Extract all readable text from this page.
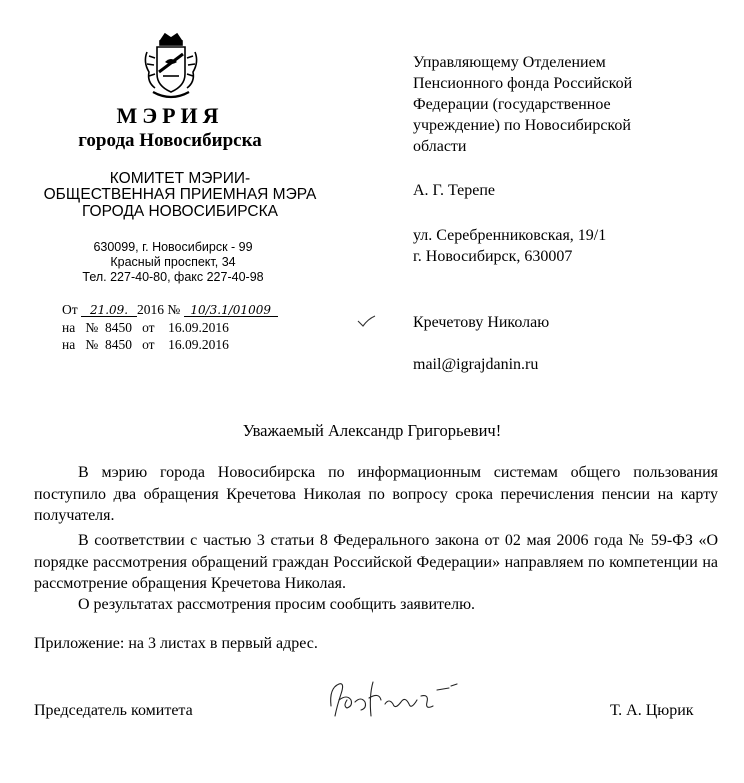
МЭРИЯ
города Новосибирска
КОМИТЕТ МЭРИИ-
ОБЩЕСТВЕННАЯ ПРИЕМНАЯ МЭРА
ГОРОДА НОВОСИБИРСКА
630099, г. Новосибирск - 99
Красный проспект, 34
Тел. 227-40-80, факс 227-40-98
От 21.09. 2016 № 10/3.1/01009
на   №  8450   от    16.09.2016
на   №  8450   от    16.09.2016
Управляющему Отделением
Пенсионного фонда Российской
Федерации (государственное
учреждение) по Новосибирской
области
А. Г. Терепе
ул. Серебренниковская, 19/1
г. Новосибирск, 630007
Кречетову Николаю
mail@igrajdanin.ru
Уважаемый Александр Григорьевич!
В мэрию города Новосибирска по информационным системам общего пользования поступило два обращения Кречетова Николая по вопросу срока перечисления пенсии на карту получателя.
В соответствии с частью 3 статьи 8 Федерального закона от 02 мая 2006 года № 59-ФЗ «О порядке рассмотрения обращений граждан Российской Федерации» направляем по компетенции на рассмотрение обращения Кречетова Николая.
О результатах рассмотрения просим сообщить заявителю.
Приложение: на 3 листах в первый адрес.
Председатель комитета	Т. А. Цюрик
